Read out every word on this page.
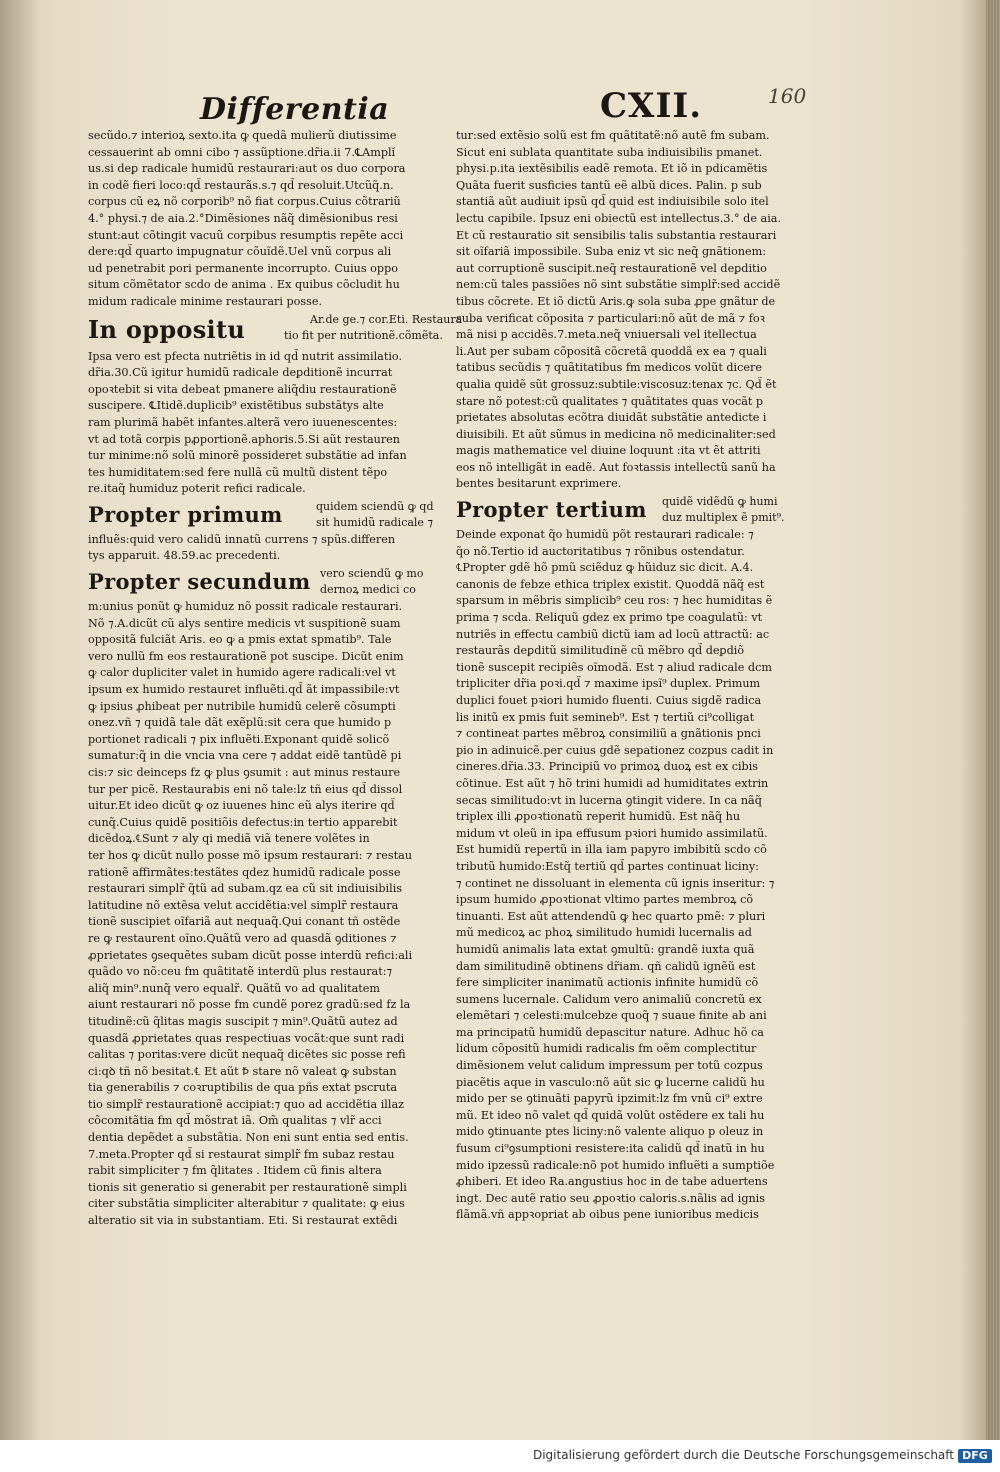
Differentia	CXII.	160
secũdo.⁊ interioꝝ sexto.ita ꝙ quedã mulierũ diutissime
cessauerint ab omni cibo ⁊ assũptione.dr̃ia.ii 7.℄Amplĭ
us.si deꝑ radicale humidũ restaurari:aut os duo corpora
in codẽ fieri loco:qd̃ restaurãs.s.⁊ qd̃ resoluit.Utcũq̃.n.
corpus cũ eꝝ nõ corporib⁹ nõ fiat corpus.Cuius cõtrariũ
4.° physi.⁊ de aia.2.°Dimẽsiones nãq̃ dimẽsionibus resi
stunt:aut cõtingit vacuũ corpibus resumptis repẽte acci
dere:qd̃ quarto impugnatur cõuĩdẽ.Uel vnũ corpus ali
ud penetrabit pori permanente incorrupto. Cuius oppo
situm cõmẽtator scdo de anima . Ex quibus cõcludit hu
midum radicale minime restaurari posse.
In oppositu	Ar.de ge.⁊ cor.Eti. Restaura
tio fit per nutritionẽ.cõmẽta.
Ipsa vero est pfecta nutriẽtis in id qd̃ nutrit assimilatio.
dr̃ia.30.Cũ igitur humidũ radicale deꝑditionẽ incurrat
opoꝛtebit si vita debeat pmanere aliq̃diu restaurationẽ
suscipere. ℄Itidẽ.duplicib⁹ existẽtibus substãtys alte
ram plurimã habẽt infantes.alterã vero iuuenescentes:
vt ad totã corpis pꝓportionẽ.aphoris.5.Si aũt restauren
tur minime:nõ solũ minorẽ possideret substãtie ad infan
tes humiditatem:sed fere nullã cũ multũ distent tẽpo
re.itaq̃ humiduz poterit refici radicale.
Propter primum	quidem sciendũ ꝙ qd
sit humidũ radicale ⁊
influẽs:quid vero calidũ innatũ currens ⁊ spũs.differen
tys apparuit. 48.59.ac precedenti.
Propter secundum vero sciendũ ꝙ mo
dernoꝝ medici co
m:unius ponũt ꝙ humiduz nõ possit radicale restaurari.
Nõ ⁊.A.dicũt cũ alys sentire medicis vt suspitionẽ suam
oppositã fulciãt Aris. eo ꝙ a pmis extat spmatib⁹. Tale
vero nullũ fm eos restaurationẽ pot suscipe. Dicũt enim
ꝙ calor dupliciter valet in humido agere radicali:vel vt
ipsum ex humido restauret influẽti.qd̃ ãt impassibile:vt
ꝙ ipsius ꝓhibeat per nutribile humidũ celerẽ cõsumpti
onez.vñ ⁊ quidã tale dãt exẽplũ:sit cera que humido p
portionet radicali ⁊ pix influẽti.Exponant quidẽ solicõ
sumatur:q̃ in die vncia vna cere ⁊ addat eidẽ tantũdẽ pi
cis:⁊ sic deinceps fz ꝙ plus ꝯsumit : aut minus restaure
tur per picẽ. Restaurabis eni nõ tale:lz tñ eius qd̃ dissol
uitur.Et ideo dicũt ꝙ oz iuuenes hinc eũ alys iterire qd̃
cunq̃.Cuius quidẽ positiõis defectus:in tertio apparebit
dicẽdoꝝ.℄Sunt ⁊ aly qi mediã viã tenere volẽtes in
ter hos ꝙ dicũt nullo posse mõ ipsum restaurari: ⁊ restau
rationẽ affirmãtes:testãtes qdez humidũ radicale posse
restaurari simplr̃ q̃tũ ad subam.qz ea cũ sit indiuisibilis
latitudine nõ extẽsa velut accidẽtia:vel simplr̃ restaura
tionẽ suscipiet oĩfariã aut nequaq̃.Qui conant tñ ostẽde
re ꝙ restaurent oĩno.Quãtũ vero ad quasdã ꝯditiones ⁊
ꝓprietates ꝯsequẽtes subam dicũt posse interdũ refici:ali
quãdo vo nõ:ceu fm quãtitatẽ interdũ plus restaurat:⁊
aliq̃ min⁹.nunq̃ vero equalr̃. Quãtũ vo ad qualitatem
aiunt restaurari nõ posse fm cundẽ porez gradũ:sed fz la
titudinẽ:cũ q̃litas magis suscipit ⁊ min⁹.Quãtũ autez ad
quasdã ꝓprietates quas respectiuas vocãt:que sunt radi
calitas ⁊ poritas:vere dicũt nequaq̃ dicẽtes sic posse refi
ci:qꝺ tñ nõ besitat.℄ Et aũt Ꝥ stare nõ valeat ꝙ substan
tia generabilis ⁊ coꝛruptibilis de qua pñs extat pscruta
tio simplr̃ restaurationẽ accipiat:⁊ quo ad accidẽtia illaz
cõcomitãtia fm qd̃ mõstrat iã. Om̃ qualitas ⁊ vlr̃ acci
dentia depẽdet a substãtia. Non eni sunt entia sed entis.
7.meta.Propter qd̃ si restaurat simplr̃ fm subaz restau
rabit simpliciter ⁊ fm q̃litates . Itidem cũ finis altera
tionis sit generatio si generabit per restaurationẽ simpli
citer substãtia simpliciter alterabitur ⁊ qualitate: ꝙ eius
alteratio sit via in substantiam. Eti. Si restaurat extẽdi
tur:sed extẽsio solũ est fm quãtitatẽ:nõ autẽ fm subam.
Sicut eni sublata quantitate suba indiuisibilis pmanet.
physi.p.ita iextẽsibilis eadẽ remota. Et iõ in pdicamẽtis
Quãta fuerit susficies tantũ eẽ albũ dices. Palin. p sub
stantiã aũt audiuit ipsũ qd̃ quid est indiuisibile solo itel
lectu capibile. Ipsuz eni obiectũ est intellectus.3.° de aia.
Et cũ restauratio sit sensibilis talis substantia restaurari
sit oĩfariã impossibile. Suba eniz vt sic neq̃ gnãtionem:
aut corruptionẽ suscipit.neq̃ restaurationẽ vel deꝑditio
nem:cũ tales passiões nõ sint substãtie simplr̃:sed accidẽ
tibus cõcrete. Et iõ dictũ Aris.ꝙ sola suba ꝓpe gnãtur de
suba verificat cõposita ⁊ particulari:nõ aũt de mã ⁊ foꝛ
mã nisi p accidẽs.7.meta.neq̃ vniuersali vel itellectua
li.Aut per subam cõpositã cõcretã quoddã ex ea ⁊ quali
tatibus secũdis ⁊ quãtitatibus fm medicos volũt dicere
qualia quidẽ sũt grossuz:subtile:viscosuz:tenax ⁊c. Qd̃ ẽt
stare nõ potest:cũ qualitates ⁊ quãtitates quas vocãt p
prietates absolutas ecõtra diuidãt substãtie antedicte i
diuisibili. Et aũt sũmus in medicina nõ medicinaliter:sed
magis mathematice vel diuine loquunt :ita vt ẽt attriti
eos nõ intelligãt in eadẽ. Aut foꝛtassis intellectũ sanũ ha
bentes besitarunt exprimere.
Propter tertium quidẽ vidẽdũ ꝙ humi
duz multiplex ẽ pmit⁹.
Deinde exponat q̃o humidũ põt restaurari radicale: ⁊
q̃o nõ.Tertio id auctoritatibus ⁊ rõnibus ostendatur.
℄Propter gdẽ hõ pmũ sciẽduz ꝙ hũiduz sic dicit. A.4.
canonis de febze ethica triplex existit. Quoddã nãq̃ est
sparsum in mẽbris simplicib⁹ ceu ros: ⁊ hec humiditas ẽ
prima ⁊ scda. Reliquũ gdez ex primo tpe coagulatũ: vt
nutriẽs in effectu cambiũ dictũ iam ad locũ attractũ: ac
restaurãs deꝑditũ similitudinẽ cũ mẽbro qd̃ deꝑdiõ
tionẽ suscepit recipiẽs oĩmodã. Est ⁊ aliud radicale dcm
tripliciter dr̃ia poꝛi.qd̃ ⁊ maxime ipsĩ⁹ duplex. Primum
duplici fouet pꝛiori humido fluenti. Cuius sigdẽ radica
lis initũ ex pmis fuit semineb⁹. Est ⁊ tertiũ ci⁹colligat
⁊ contineat partes mẽbroꝝ consimiliũ a gnãtionis pnci
pio in adinuicẽ.per cuius gdẽ sepationez cozpus cadit in
cineres.dr̃ia.33. Principiũ vo primoꝝ duoꝝ est ex cibis
cõtinue. Est aũt ⁊ hõ trini humidi ad humiditates extrin
secas similitudo:vt in lucerna ꝯtingit videre. In ca nãq̃
triplex illi ꝓpoꝛtionatũ reperit humidũ. Est nãq̃ hu
midum vt oleũ in ipa effusum pꝛiori humido assimilatũ.
Est humidũ repertũ in illa iam papyro imbibitũ scdo cõ
tributũ humido:Estq̃ tertiũ qd̃ partes continuat liciny:
⁊ continet ne dissoluant in elementa cũ ignis inseritur: ⁊
ipsum humido ꝓpoꝛtionat vltimo partes membroꝝ cõ
tinuanti. Est aũt attendendũ ꝙ hec quarto pmẽ: ⁊ pluri
mũ medicoꝝ ac phoꝝ similitudo humidi lucernalis ad
humidũ animalis lata extat ꝯmultũ: grandẽ iuxta quã
dam similitudinẽ obtinens dr̃iam. qñ calidũ ignẽũ est
fere simpliciter inanimatũ actionis infinite humidũ cõ
sumens lucernale. Calidum vero animaliũ concretũ ex
elemẽtari ⁊ celesti:mulcebze quoq̃ ⁊ suaue finite ab ani
ma principatũ humidũ depascitur nature. Adhuc hõ ca
lidum cõpositũ humidi radicalis fm oẽm complectitur
dimẽsionem velut calidum impressum per totũ cozpus
piacẽtis aque in vasculo:nõ aũt sic ꝙ lucerne calidũ hu
mido per se ꝯtinuãti papyrũ ipzimit:lz fm vnũ ci⁹ extre
mũ. Et ideo nõ valet qd̃ quidã volũt ostẽdere ex tali hu
mido ꝯtinuante ptes liciny:nõ valente aliquo p oleuz in
fusum ci⁹ꝯsumptioni resistere:ita calidũ qd̃ inatũ in hu
mido ipzessũ radicale:nõ pot humido influẽti a sumptiõe
ꝓhiberi. Et ideo Ra.angustius hoc in de tabe aduertens
ingt. Dec autẽ ratio seu ꝓpoꝛtio caloris.s.nãlis ad ignis
flãmã.vñ appꝛopriat ab oibus pene iunioribus medicis
Digitalisierung gefördert durch die Deutsche Forschungsgemeinschaft DFG
